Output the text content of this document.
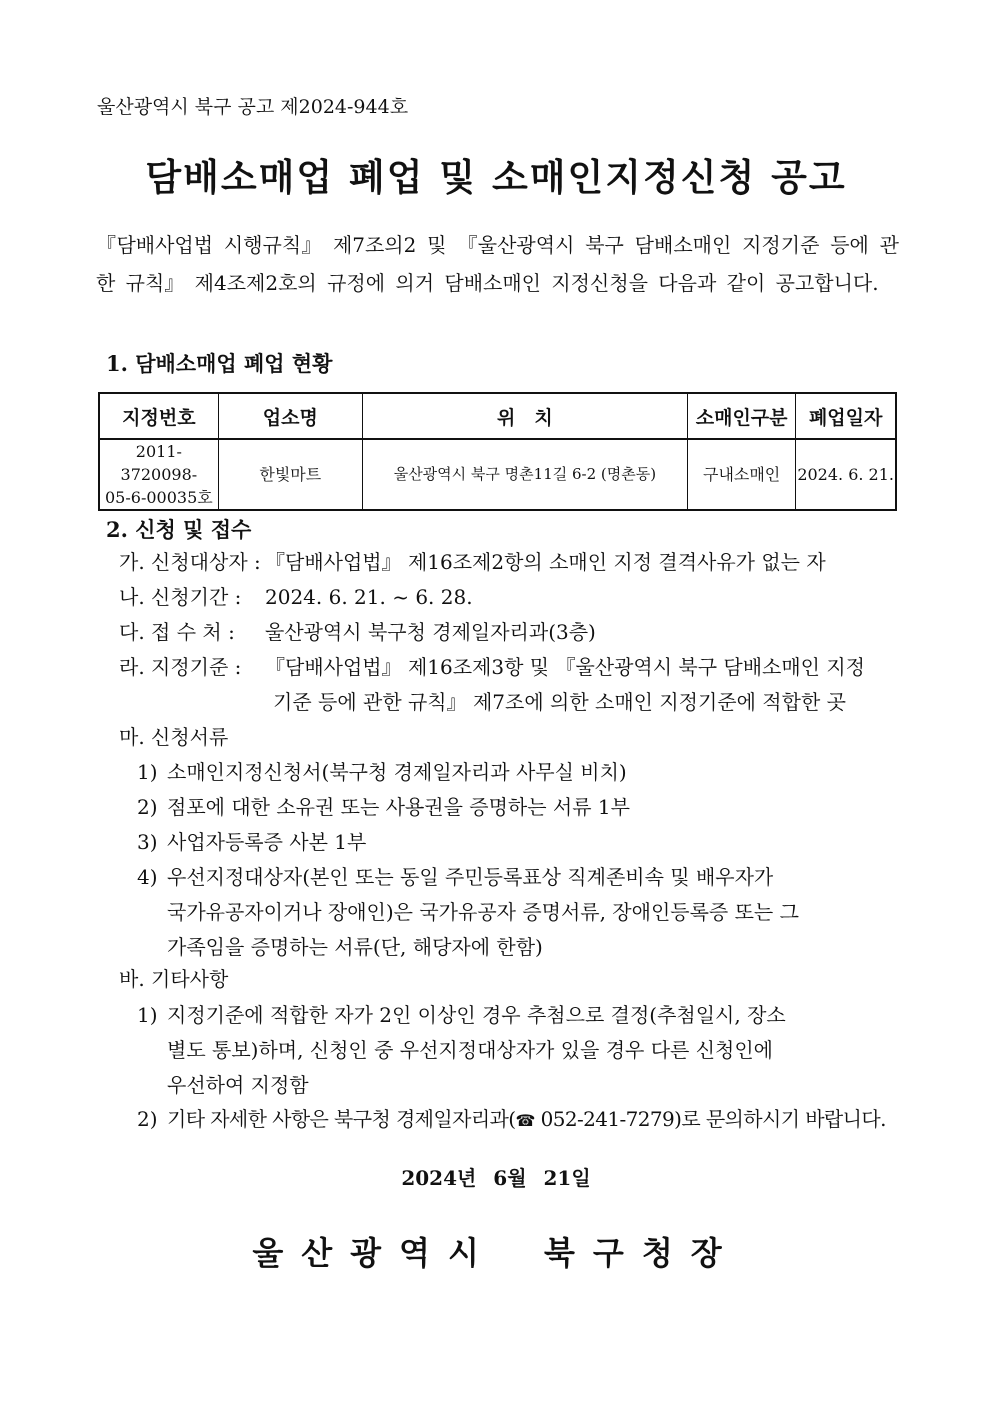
울산광역시 북구 공고 제2024-944호
담배소매업 폐업 및 소매인지정신청 공고
『담배사업법 시행규칙』 제7조의2 및 『울산광역시 북구 담배소매인 지정기준 등에 관한 규칙』 제4조제2호의 규정에 의거 담배소매인 지정신청을 다음과 같이 공고합니다.
1. 담배소매업 폐업 현황
지정번호	업소명	위　치	소매인구분	폐업일자

2011-3720098-
05-6-00035호	한빛마트	울산광역시 북구 명촌11길 6-2 (명촌동)	구내소매인	2024. 6. 21.
2. 신청 및 접수
가. 신청대상자 : 『담배사업법』 제16조제2항의 소매인 지정 결격사유가 없는 자
나. 신청기간 : 2024. 6. 21. ~ 6. 28.
다. 접 수 처 : 울산광역시 북구청 경제일자리과(3층)
라. 지정기준 : 『담배사업법』 제16조제3항 및 『울산광역시 북구 담배소매인 지정
기준 등에 관한 규칙』 제7조에 의한 소매인 지정기준에 적합한 곳
마. 신청서류
1) 소매인지정신청서(북구청 경제일자리과 사무실 비치)
2) 점포에 대한 소유권 또는 사용권을 증명하는 서류 1부
3) 사업자등록증 사본 1부
4) 우선지정대상자(본인 또는 동일 주민등록표상 직계존비속 및 배우자가
국가유공자이거나 장애인)은 국가유공자 증명서류, 장애인등록증 또는 그
가족임을 증명하는 서류(단, 해당자에 한함)
바. 기타사항
1) 지정기준에 적합한 자가 2인 이상인 경우 추첨으로 결정(추첨일시, 장소
별도 통보)하며, 신청인 중 우선지정대상자가 있을 경우 다른 신청인에
우선하여 지정함
2) 기타 자세한 사항은 북구청 경제일자리과(☎ 052-241-7279)로 문의하시기 바랍니다.
2024년 6월 21일
울산광역시 북구청장
